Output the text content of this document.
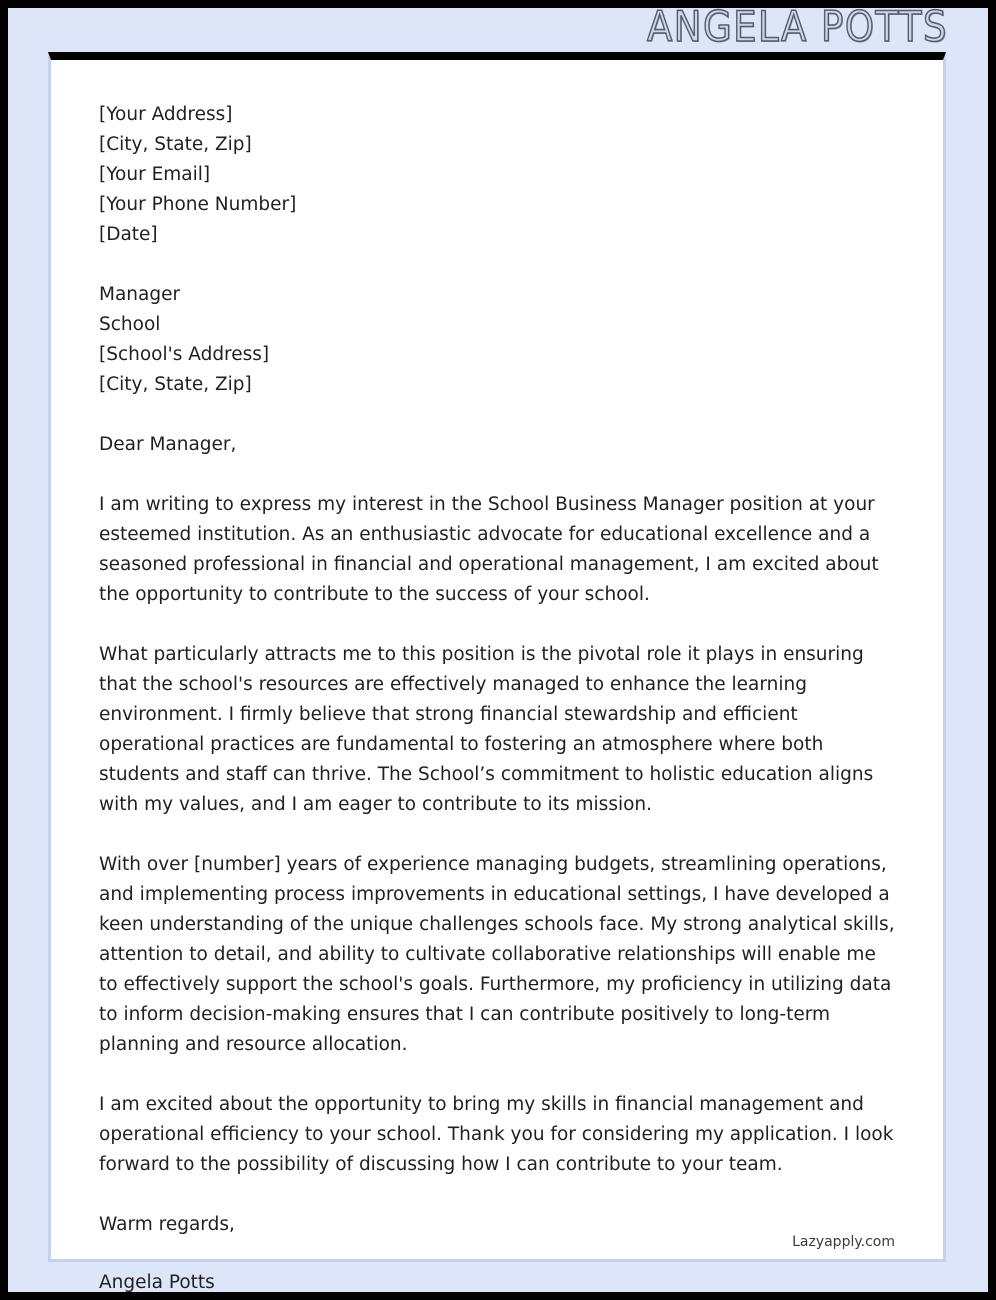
ANGELA POTTS
[Your Address]
[City, State, Zip]
[Your Email]
[Your Phone Number]
[Date]
Manager
School
[School's Address]
[City, State, Zip]
Dear Manager,

I am writing to express my interest in the School Business Manager position at your esteemed institution. As an enthusiastic advocate for educational excellence and a seasoned professional in financial and operational management, I am excited about the opportunity to contribute to the success of your school.

What particularly attracts me to this position is the pivotal role it plays in ensuring that the school's resources are effectively managed to enhance the learning environment. I firmly believe that strong financial stewardship and efficient operational practices are fundamental to fostering an atmosphere where both students and staff can thrive. The School’s commitment to holistic education aligns with my values, and I am eager to contribute to its mission.

With over [number] years of experience managing budgets, streamlining operations, and implementing process improvements in educational settings, I have developed a keen understanding of the unique challenges schools face. My strong analytical skills, attention to detail, and ability to cultivate collaborative relationships will enable me to effectively support the school's goals. Furthermore, my proficiency in utilizing data to inform decision-making ensures that I can contribute positively to long-term planning and resource allocation.

I am excited about the opportunity to bring my skills in financial management and operational efficiency to your school. Thank you for considering my application. I look forward to the possibility of discussing how I can contribute to your team.

Warm regards,
Lazyapply.com
Angela Potts
